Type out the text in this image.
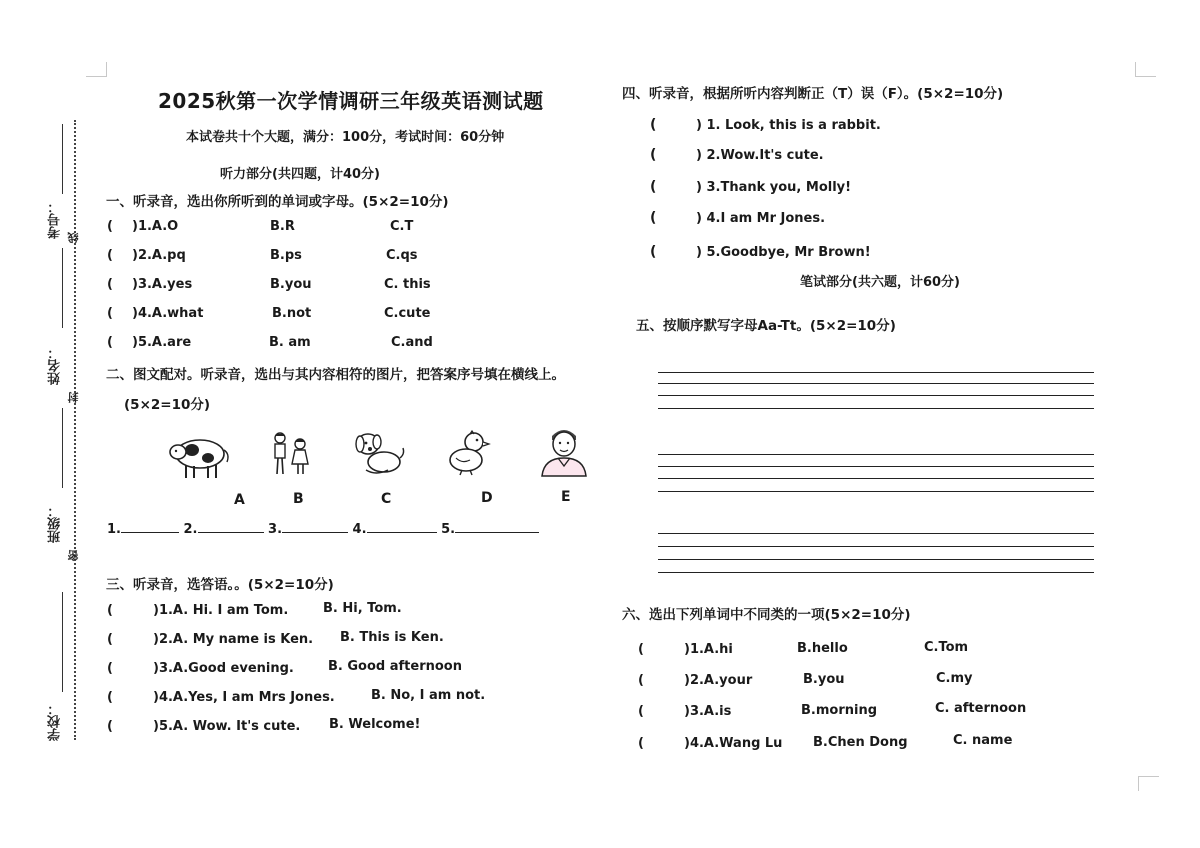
考号： 线
姓名：
封
班级：
密
学校：
2025秋第一次学情调研三年级英语测试题
本试卷共十个大题，满分：100分，考试时间：60分钟
听力部分(共四题，计40分)
一、听录音，选出你所听到的单词或字母。(5×2=10分)
( )1.A.O	B.R	C.T
( )2.A.pq	B.ps	C.qs
( )3.A.yes	B.you	C. this
( )4.A.what	B.not	C.cute
( )5.A.are	B. am	C.and
二、图文配对。听录音，选出与其内容相符的图片，把答案序号填在横线上。
(5×2=10分)
A	B	C	D	E
1.	2.	3.	4.	5.
三、听录音，选答语。。(5×2=10分)
(	)1.A. Hi. I am Tom.	B. Hi, Tom.
(	)2.A. My name is Ken. B. This is Ken.
(	)3.A.Good evening.	B. Good afternoon
(	)4.A.Yes, I am Mrs Jones.	B. No, I am not.
(	)5.A. Wow. It's cute. B. Welcome!
四、听录音，根据所听内容判断正（T）误（F）。(5×2=10分)
(	) 1. Look, this is a rabbit.
(	) 2.Wow.It's cute.
(	) 3.Thank you, Molly!
(	) 4.I am Mr Jones.
(	) 5.Goodbye, Mr Brown!
笔试部分(共六题，计60分)
五、按顺序默写字母Aa-Tt。(5×2=10分)
六、选出下列单词中不同类的一项(5×2=10分)
(	)1.A.hi	B.hello	C.Tom
(	)2.A.your	B.you	C.my
(	)3.A.is	B.morning	C. afternoon
(	)4.A.Wang Lu B.Chen Dong	C. name
